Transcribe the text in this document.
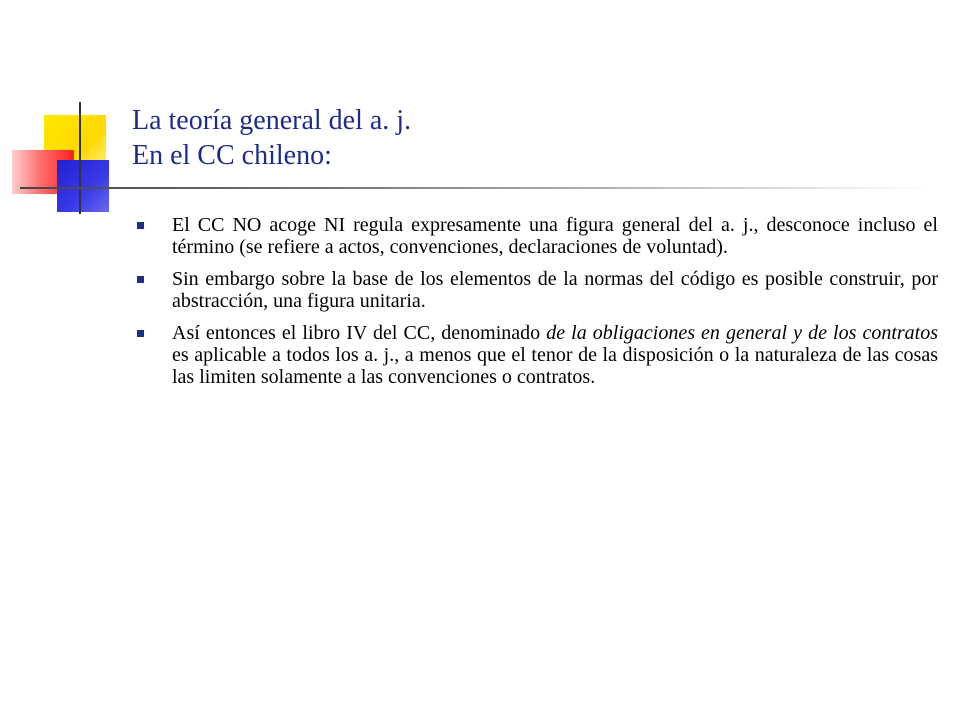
La teoría general del a. j.
En el CC chileno:
El CC NO acoge NI regula expresamente una figura general del a. j., desconoce incluso el término (se refiere a actos, convenciones, declaraciones de voluntad).
Sin embargo sobre la base de los elementos de la normas del código es posible construir, por abstracción, una figura unitaria.
Así entonces el libro IV del CC, denominado de la obligaciones en general y de los contratos es aplicable a todos los a. j., a menos que el tenor de la disposición o la naturaleza de las cosas las limiten solamente a las convenciones o contratos.
